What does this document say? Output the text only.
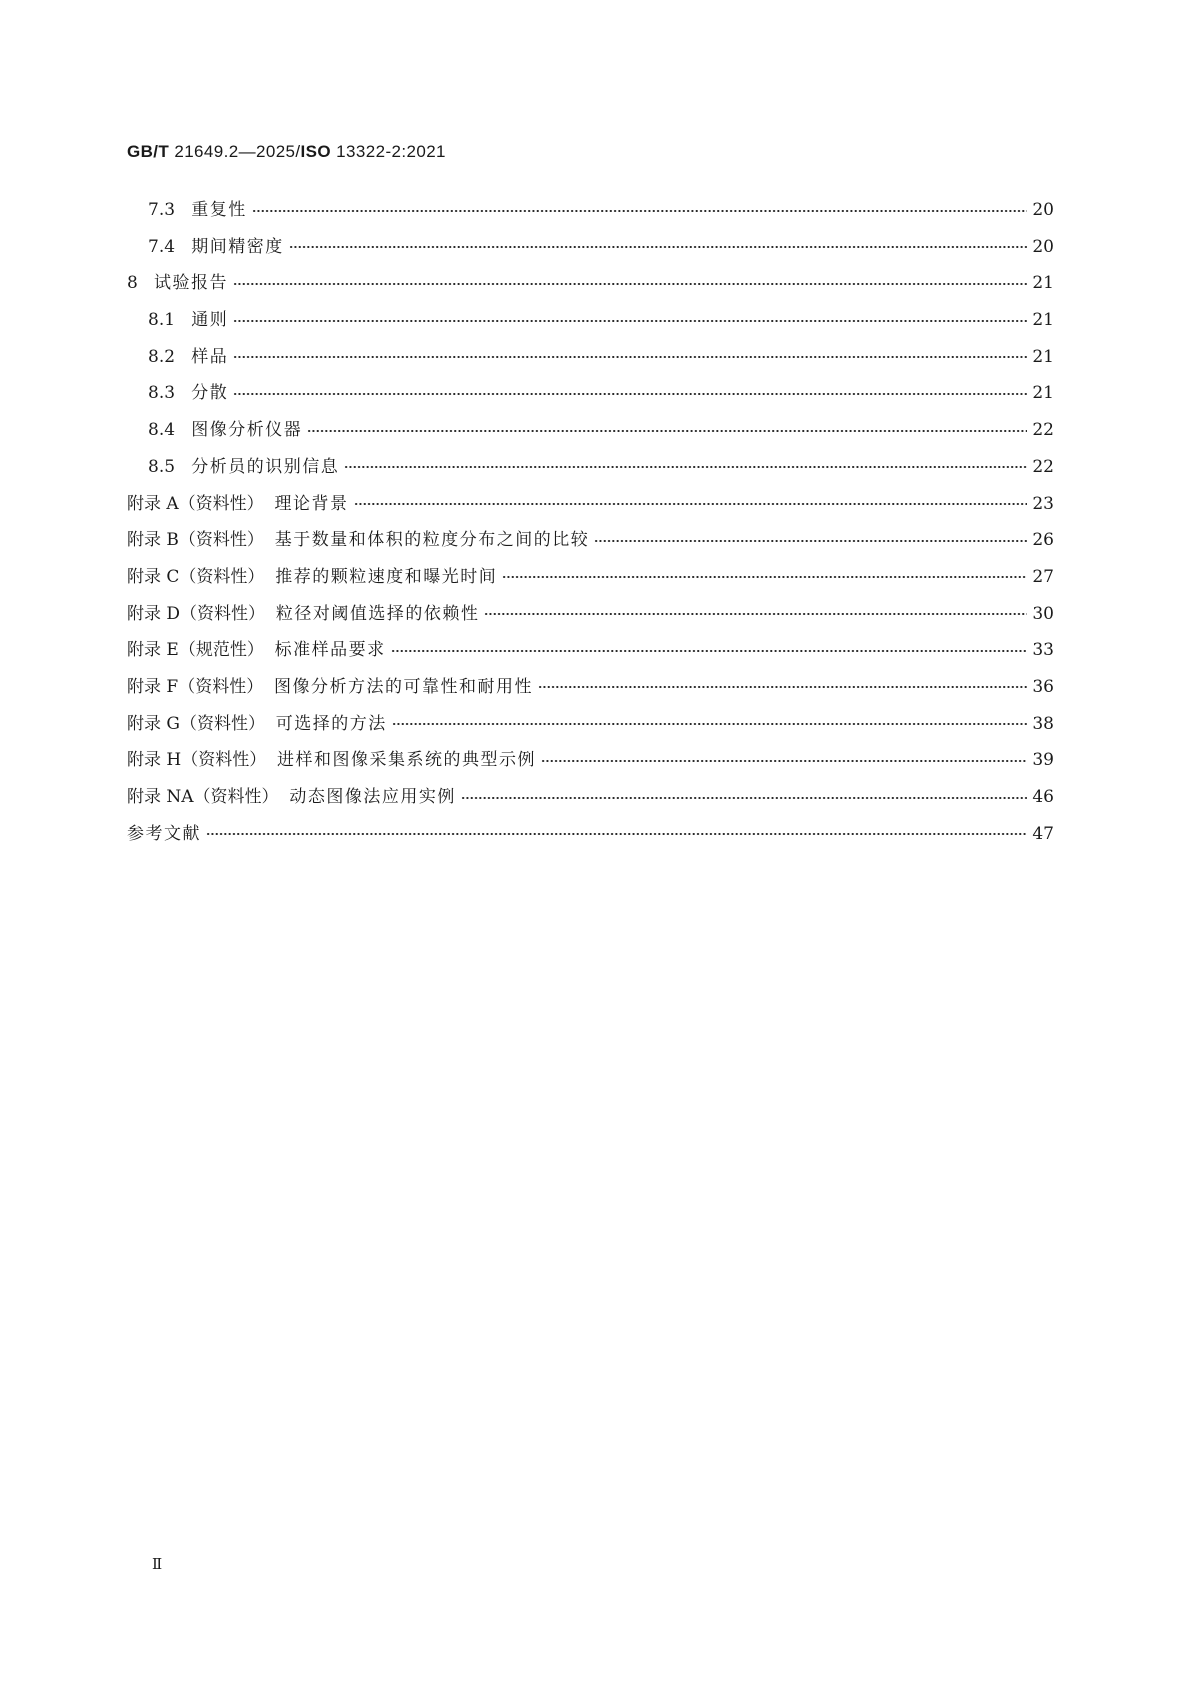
GB/T 21649.2—2025/ISO 13322-2:2021
7.3 重复性	20
7.4 期间精密度	20
8 试验报告	21
8.1 通则	21
8.2 样品	21
8.3 分散	21
8.4 图像分析仪器	22
8.5 分析员的识别信息	22
附录 A（资料性） 理论背景	23
附录 B（资料性） 基于数量和体积的粒度分布之间的比较	26
附录 C（资料性） 推荐的颗粒速度和曝光时间	27
附录 D（资料性） 粒径对阈值选择的依赖性	30
附录 E（规范性） 标准样品要求	33
附录 F（资料性） 图像分析方法的可靠性和耐用性	36
附录 G（资料性） 可选择的方法	38
附录 H（资料性） 进样和图像采集系统的典型示例	39
附录 NA（资料性） 动态图像法应用实例	46
参考文献	47
Ⅱ
